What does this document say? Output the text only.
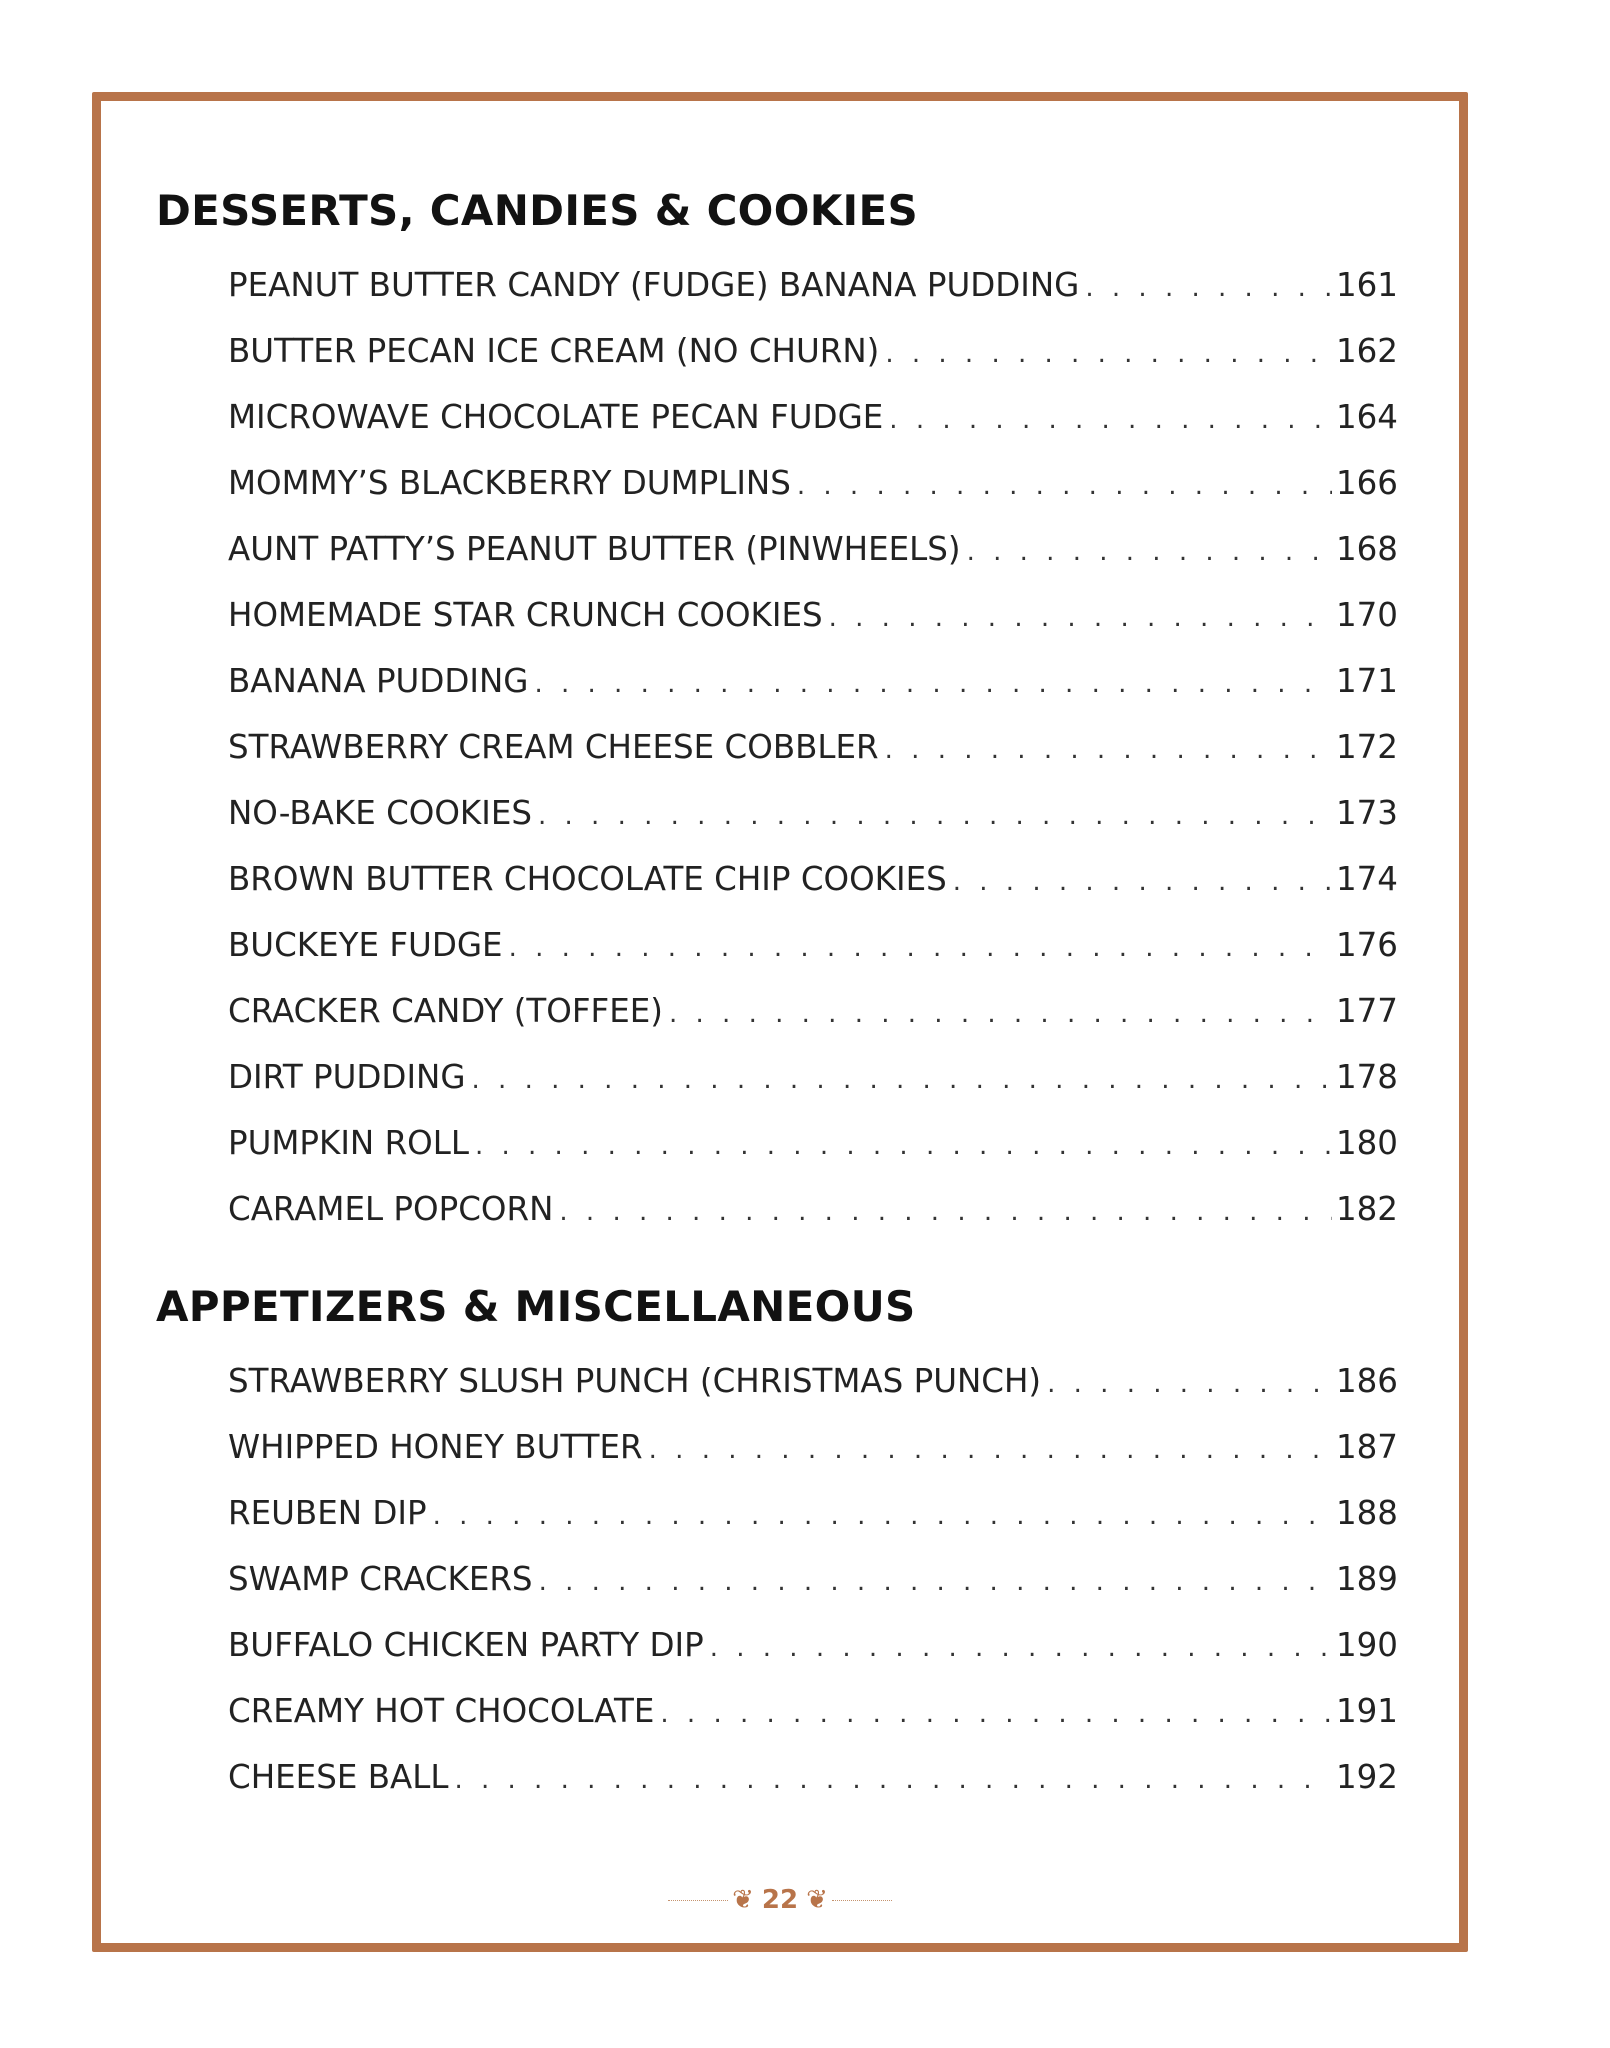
DESSERTS, CANDIES & COOKIES
PEANUT BUTTER CANDY (FUDGE) BANANA PUDDING . . .	161
BUTTER PECAN ICE CREAM (NO CHURN) . . .	162
MICROWAVE CHOCOLATE PECAN FUDGE . . .	164
MOMMY’S BLACKBERRY DUMPLINS . . .	166
AUNT PATTY’S PEANUT BUTTER (PINWHEELS) . . .	168
HOMEMADE STAR CRUNCH COOKIES . . .	170
BANANA PUDDING . . .	171
STRAWBERRY CREAM CHEESE COBBLER . . .	172
NO-BAKE COOKIES . . .	173
BROWN BUTTER CHOCOLATE CHIP COOKIES . . .	174
BUCKEYE FUDGE . . .	176
CRACKER CANDY (TOFFEE) . . .	177
DIRT PUDDING . . .	178
PUMPKIN ROLL . . .	180
CARAMEL POPCORN . . .	182
APPETIZERS & MISCELLANEOUS
STRAWBERRY SLUSH PUNCH (CHRISTMAS PUNCH) . . .	186
WHIPPED HONEY BUTTER . . .	187
REUBEN DIP . . .	188
SWAMP CRACKERS . . .	189
BUFFALO CHICKEN PARTY DIP . . .	190
CREAMY HOT CHOCOLATE . . .	191
CHEESE BALL . . .	192
❦ 22 ❦
